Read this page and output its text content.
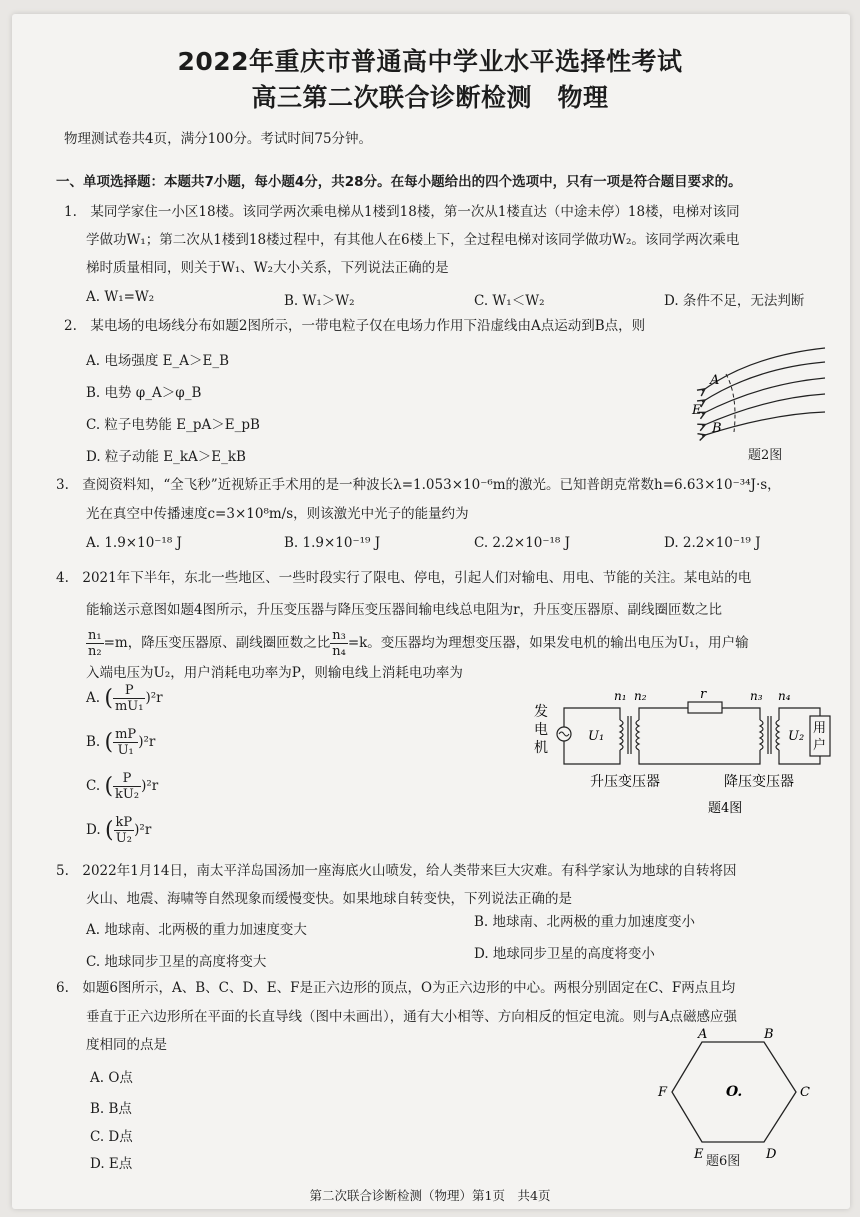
2022年重庆市普通高中学业水平选择性考试
高三第二次联合诊断检测　物理
物理测试卷共4页，满分100分。考试时间75分钟。
一、单项选择题：本题共7小题，每小题4分，共28分。在每小题给出的四个选项中，只有一项是符合题目要求的。
1.　某同学家住一小区18楼。该同学两次乘电梯从1楼到18楼，第一次从1楼直达（中途未停）18楼，电梯对该同
学做功W₁；第二次从1楼到18楼过程中，有其他人在6楼上下，全过程电梯对该同学做功W₂。该同学两次乘电
梯时质量相同，则关于W₁、W₂大小关系，下列说法正确的是
A. W₁=W₂	B. W₁＞W₂	C. W₁＜W₂	D. 条件不足，无法判断
2.　某电场的电场线分布如题2图所示，一带电粒子仅在电场力作用下沿虚线由A点运动到B点，则
A. 电场强度 E_A＞E_B
B. 电势 φ_A＞φ_B
C. 粒子电势能 E_pA＞E_pB
D. 粒子动能 E_kA＞E_kB
A
E
B
题2图
3.　查阅资料知，“全飞秒”近视矫正手术用的是一种波长λ=1.053×10⁻⁶m的激光。已知普朗克常数h=6.63×10⁻³⁴J·s，
光在真空中传播速度c=3×10⁸m/s，则该激光中光子的能量约为
A. 1.9×10⁻¹⁸ J	B. 1.9×10⁻¹⁹ J	C. 2.2×10⁻¹⁸ J	D. 2.2×10⁻¹⁹ J
4.　2021年下半年，东北一些地区、一些时段实行了限电、停电，引起人们对输电、用电、节能的关注。某电站的电
能输送示意图如题4图所示，升压变压器与降压变压器间输电线总电阻为r，升压变压器原、副线圈匝数之比
$\frac{\text{n₁}}{\text{n₂}} =m$，降压变压器原、副线圈匝数之比 $\frac{\text{n₃}}{\text{n₄}} =k$。变压器均为理想变压器，如果发电机的输出电压为U₁，用户输
入端电压为U₂，用户消耗电功率为P，则输电线上消耗电功率为
A. ( $\frac{P}{\text{mU₁}} )^2r$
B. ( $\frac{mP}{\text{U₁}} )^2r$
C. ( $\frac{P}{\text{kU₂}} )^2r$
D. ( $\frac{kP}{\text{U₂}} )^2r$
发
电
机
U₁
n₁ n₂	r	n₃ n₄
用
户
U₂
升压变压器	降压变压器
题4图
5.　2022年1月14日，南太平洋岛国汤加一座海底火山喷发，给人类带来巨大灾难。有科学家认为地球的自转将因
火山、地震、海啸等自然现象而缓慢变快。如果地球自转变快，下列说法正确的是
A. 地球南、北两极的重力加速度变大	B. 地球南、北两极的重力加速度变小
C. 地球同步卫星的高度将变大	D. 地球同步卫星的高度将变小
6.　如题6图所示，A、B、C、D、E、F是正六边形的顶点，O为正六边形的中心。两根分别固定在C、F两点且均
垂直于正六边形所在平面的长直导线（图中未画出），通有大小相等、方向相反的恒定电流。则与A点磁感应强
度相同的点是
A. O点
B. B点
C. D点
D. E点
A	B
C
D
E
F	O.
题6图
第二次联合诊断检测（物理）第1页　共4页
